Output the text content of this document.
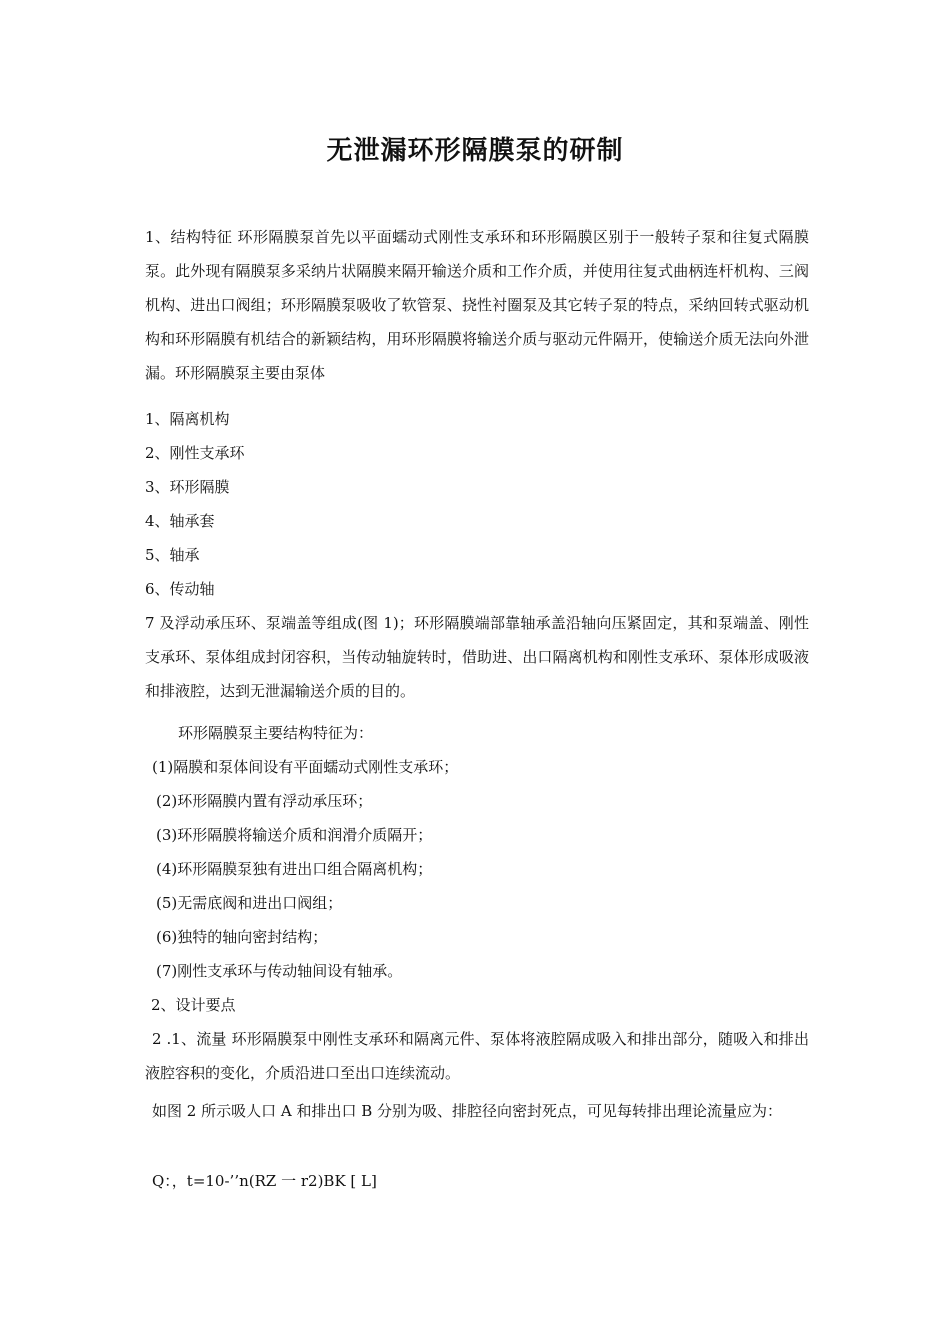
无泄漏环形隔膜泵的研制

1、结构特征 环形隔膜泵首先以平面蠕动式刚性支承环和环形隔膜区别于一般转子泵和往复式隔膜泵。此外现有隔膜泵多采纳片状隔膜来隔开输送介质和工作介质，并使用往复式曲柄连杆机构、三阀机构、进出口阀组；环形隔膜泵吸收了软管泵、挠性衬圈泵及其它转子泵的特点，采纳回转式驱动机构和环形隔膜有机结合的新颖结构，用环形隔膜将输送介质与驱动元件隔开，使输送介质无法向外泄漏。环形隔膜泵主要由泵体

1、隔离机构

2、刚性支承环

3、环形隔膜

4、轴承套

5、轴承

6、传动轴

7 及浮动承压环、泵端盖等组成(图 1)；环形隔膜端部靠轴承盖沿轴向压紧固定，其和泵端盖、刚性支承环、泵体组成封闭容积，当传动轴旋转时，借助进、出口隔离机构和刚性支承环、泵体形成吸液和排液腔，达到无泄漏输送介质的目的。

环形隔膜泵主要结构特征为：

(1)隔膜和泵体间设有平面蠕动式刚性支承环；

(2)环形隔膜内置有浮动承压环；

(3)环形隔膜将输送介质和润滑介质隔开；

(4)环形隔膜泵独有进出口组合隔离机构；

(5)无需底阀和进出口阀组；

(6)独特的轴向密封结构；

(7)刚性支承环与传动轴间设有轴承。

2、设计要点

2 .1、流量 环形隔膜泵中刚性支承环和隔离元件、泵体将液腔隔成吸入和排出部分，随吸入和排出液腔容积的变化，介质沿进口至出口连续流动。

如图 2 所示吸人口 A 和排出口 B 分别为吸、排腔径向密封死点，可见每转排出理论流量应为：

Q：，t=10-’’n(RZ 一 r2)BK [ L]
